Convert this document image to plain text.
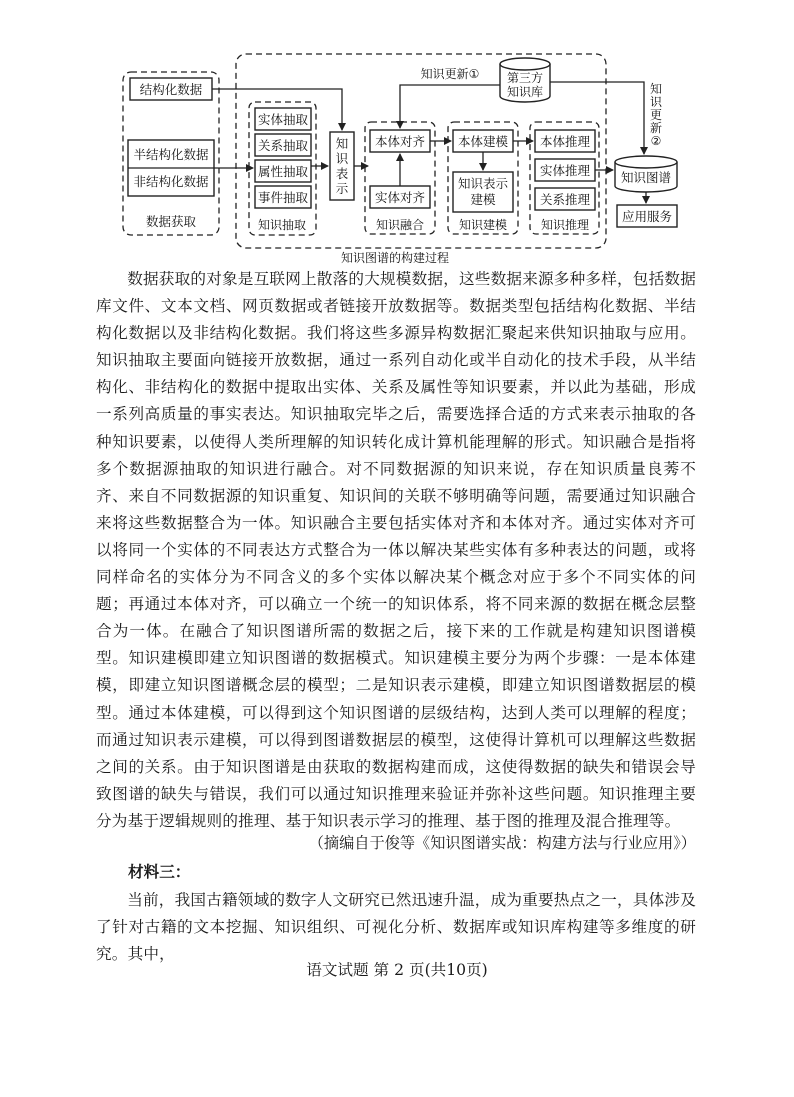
结构化数据
半结构化数据
非结构化数据
数据获取
实体抽取
关系抽取
属性抽取
事件抽取
知识抽取
知
识
表
示
本体对齐
实体对齐
知识融合
本体建模
知识表示
建模
知识建模
本体推理
实体推理
关系推理
知识推理
第三方
知识库
知识图谱
应用服务
知识更新①
知
识
更
新
②
知识图谱的构建过程

数据获取的对象是互联网上散落的大规模数据，这些数据来源多种多样，包括数据库文件、文本文档、网页数据或者链接开放数据等。数据类型包括结构化数据、半结构化数据以及非结构化数据。我们将这些多源异构数据汇聚起来供知识抽取与应用。知识抽取主要面向链接开放数据，通过一系列自动化或半自动化的技术手段，从半结构化、非结构化的数据中提取出实体、关系及属性等知识要素，并以此为基础，形成一系列高质量的事实表达。知识抽取完毕之后，需要选择合适的方式来表示抽取的各种知识要素，以使得人类所理解的知识转化成计算机能理解的形式。知识融合是指将多个数据源抽取的知识进行融合。对不同数据源的知识来说，存在知识质量良莠不齐、来自不同数据源的知识重复、知识间的关联不够明确等问题，需要通过知识融合来将这些数据整合为一体。知识融合主要包括实体对齐和本体对齐。通过实体对齐可以将同一个实体的不同表达方式整合为一体以解决某些实体有多种表达的问题，或将同样命名的实体分为不同含义的多个实体以解决某个概念对应于多个不同实体的问题；再通过本体对齐，可以确立一个统一的知识体系，将不同来源的数据在概念层整合为一体。在融合了知识图谱所需的数据之后，接下来的工作就是构建知识图谱模型。知识建模即建立知识图谱的数据模式。知识建模主要分为两个步骤：一是本体建模，即建立知识图谱概念层的模型；二是知识表示建模，即建立知识图谱数据层的模型。通过本体建模，可以得到这个知识图谱的层级结构，达到人类可以理解的程度；而通过知识表示建模，可以得到图谱数据层的模型，这使得计算机可以理解这些数据之间的关系。由于知识图谱是由获取的数据构建而成，这使得数据的缺失和错误会导致图谱的缺失与错误，我们可以通过知识推理来验证并弥补这些问题。知识推理主要分为基于逻辑规则的推理、基于知识表示学习的推理、基于图的推理及混合推理等。

（摘编自于俊等《知识图谱实战：构建方法与行业应用》）

材料三：

当前，我国古籍领域的数字人文研究已然迅速升温，成为重要热点之一，具体涉及了针对古籍的文本挖掘、知识组织、可视化分析、数据库或知识库构建等多维度的研究。其中，

语文试题 第 2 页(共10页)
